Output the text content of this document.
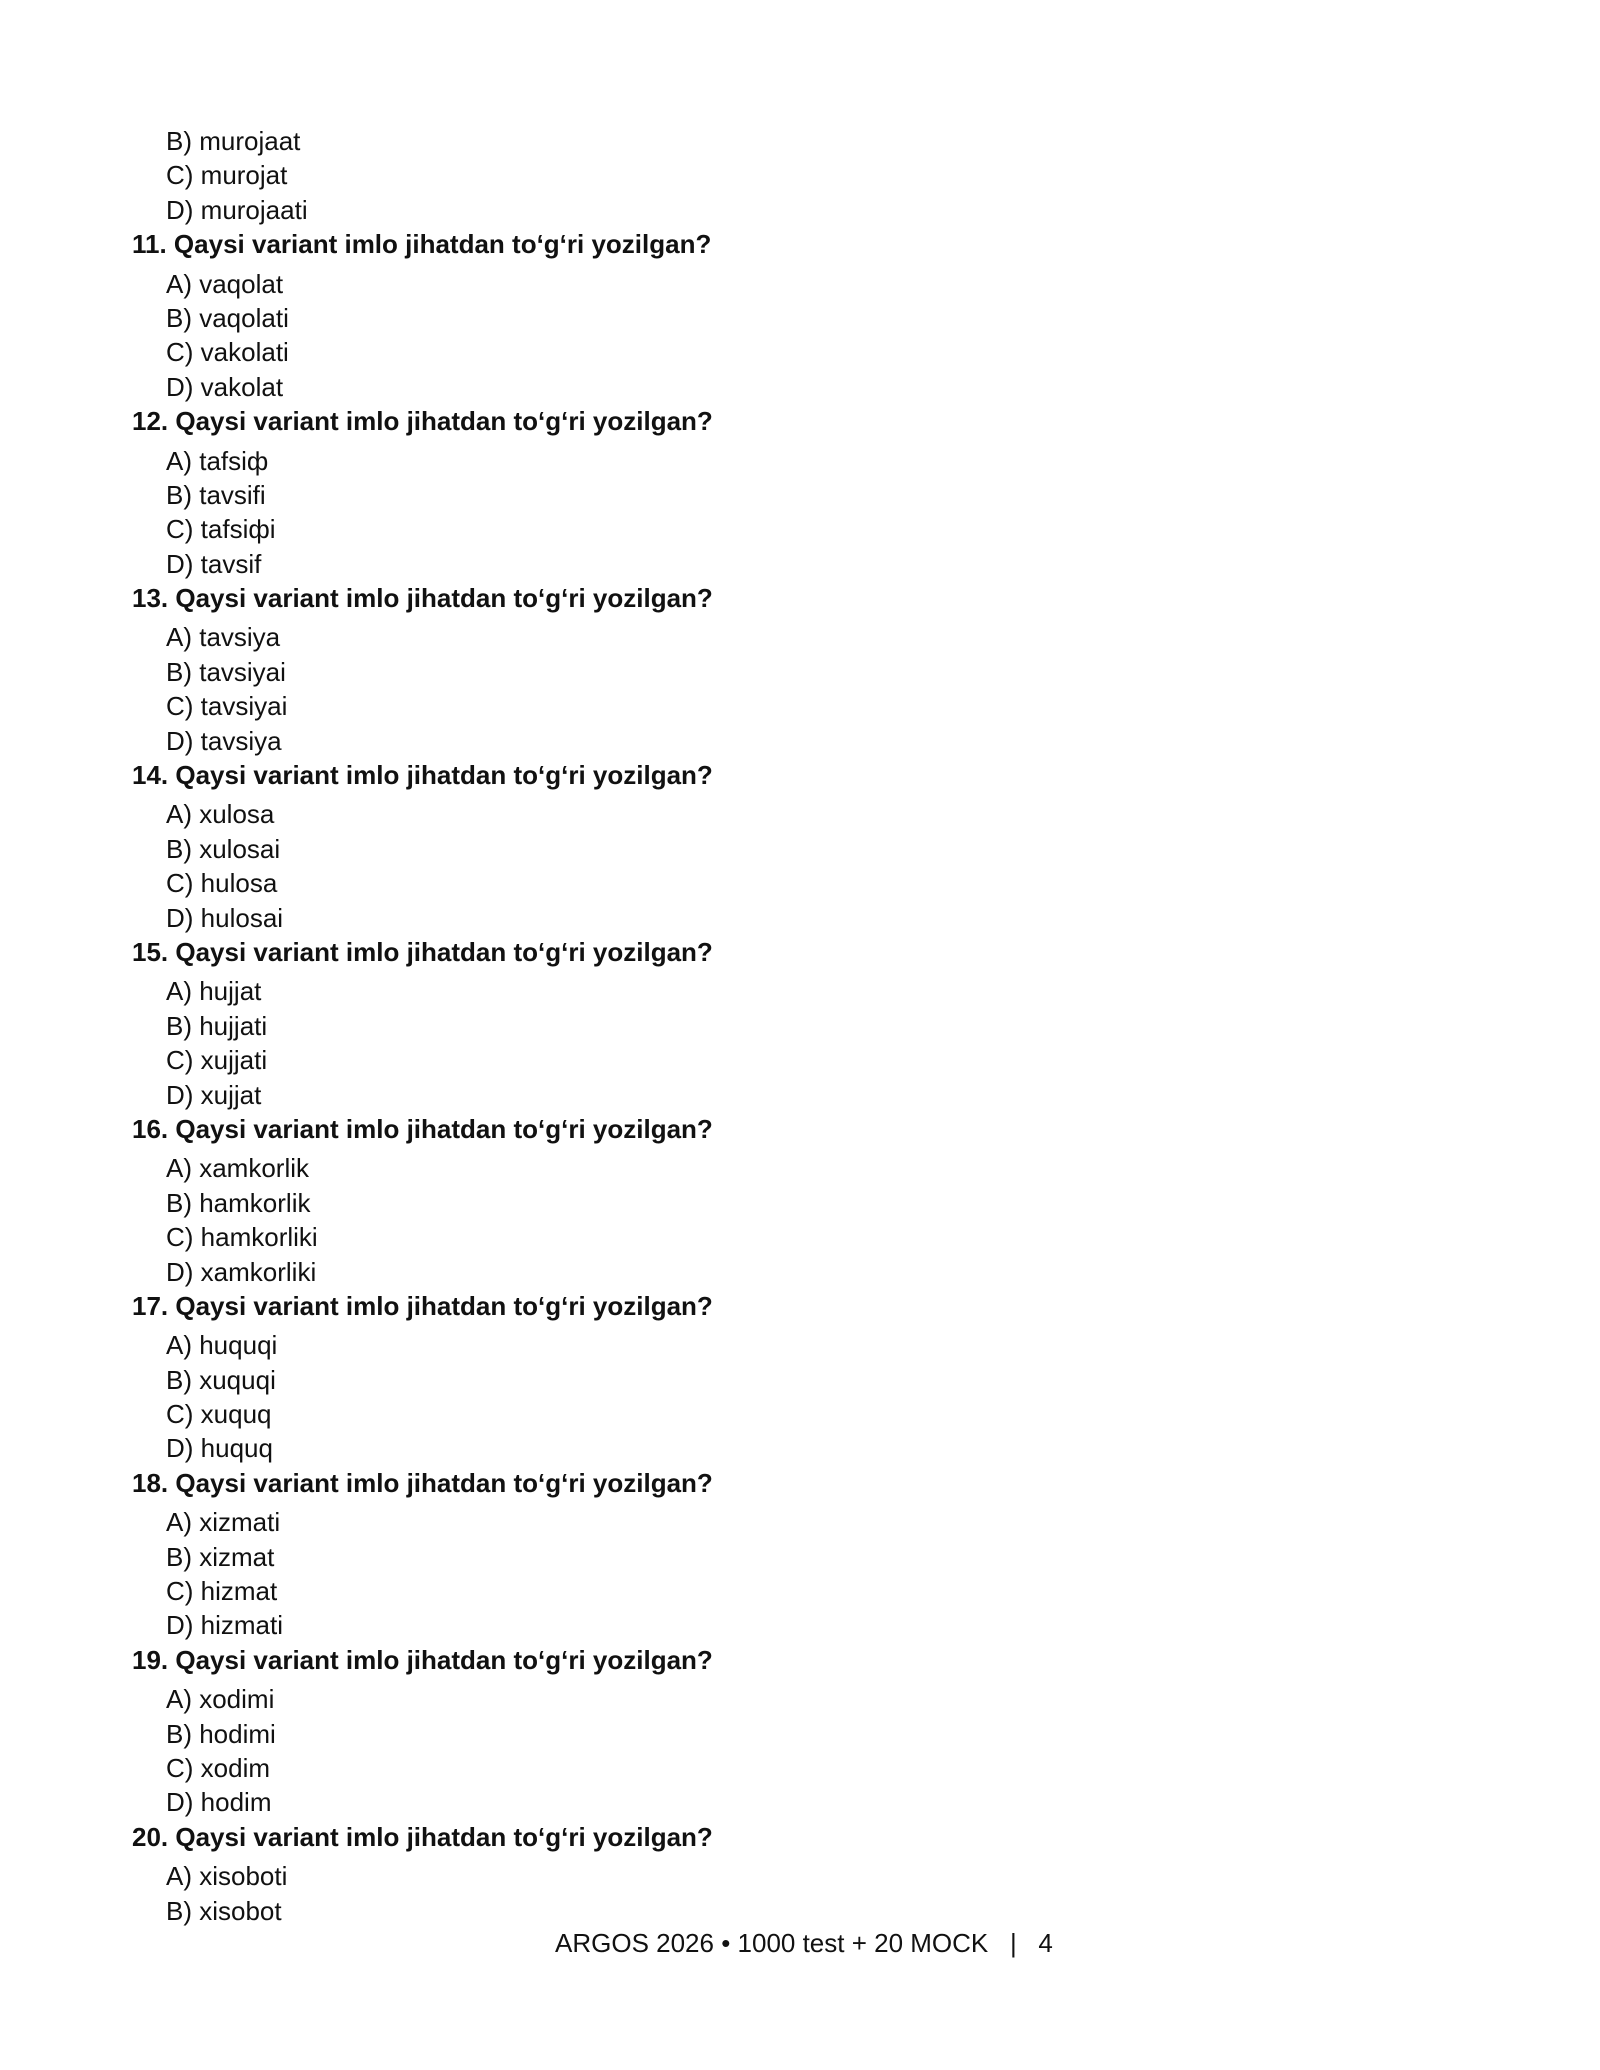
B) murojaat
C) murojat
D) murojaati
11. Qaysi variant imlo jihatdan to‘g‘ri yozilgan?
A) vaqolat
B) vaqolati
C) vakolati
D) vakolat
12. Qaysi variant imlo jihatdan to‘g‘ri yozilgan?
A) tafsiф
B) tavsifi
C) tafsiфi
D) tavsif
13. Qaysi variant imlo jihatdan to‘g‘ri yozilgan?
A) tavsiya
B) tavsiyai
C) tavsiyai
D) tavsiya
14. Qaysi variant imlo jihatdan to‘g‘ri yozilgan?
A) xulosa
B) xulosai
C) hulosa
D) hulosai
15. Qaysi variant imlo jihatdan to‘g‘ri yozilgan?
A) hujjat
B) hujjati
C) xujjati
D) xujjat
16. Qaysi variant imlo jihatdan to‘g‘ri yozilgan?
A) xamkorlik
B) hamkorlik
C) hamkorliki
D) xamkorliki
17. Qaysi variant imlo jihatdan to‘g‘ri yozilgan?
A) huquqi
B) xuquqi
C) xuquq
D) huquq
18. Qaysi variant imlo jihatdan to‘g‘ri yozilgan?
A) xizmati
B) xizmat
C) hizmat
D) hizmati
19. Qaysi variant imlo jihatdan to‘g‘ri yozilgan?
A) xodimi
B) hodimi
C) xodim
D) hodim
20. Qaysi variant imlo jihatdan to‘g‘ri yozilgan?
A) xisoboti
B) xisobot
ARGOS 2026 • 1000 test + 20 MOCK | 4
